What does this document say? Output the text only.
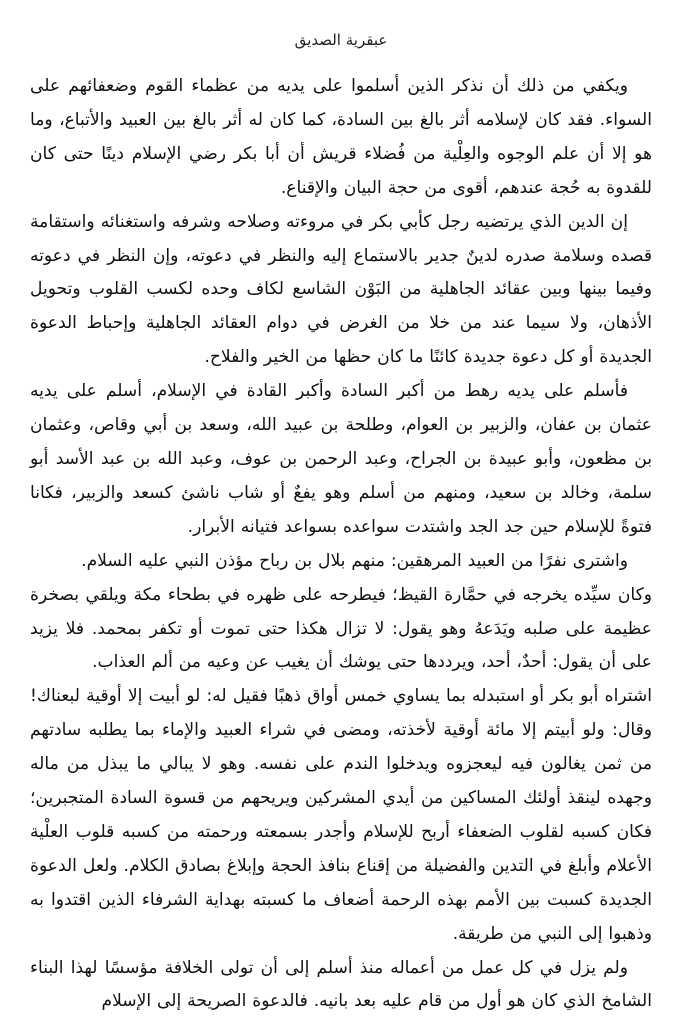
عبقرية الصديق

ويكفي من ذلك أن نذكر الذين أسلموا على يديه من عظماء القوم وضعفائهم على السواء. فقد كان لإسلامه أثر بالغ بين السادة، كما كان له أثر بالغ بين العبيد والأتباع، وما هو إلا أن علم الوجوه والعِلْية من فُضلاء قريش أن أبا بكر رضي الإسلام دينًا حتى كان للقدوة به حُجة عندهم، أقوى من حجة البيان والإقناع.

إن الدين الذي يرتضيه رجل كأبي بكر في مروءته وصلاحه وشرفه واستغنائه واستقامة قصده وسلامة صدره لدينٌ جدير بالاستماع إليه والنظر في دعوته، وإن النظر في دعوته وفيما بينها وبين عقائد الجاهلية من البَوْن الشاسع لكاف وحده لكسب القلوب وتحويل الأذهان، ولا سيما عند من خلا من الغرض في دوام العقائد الجاهلية وإحباط الدعوة الجديدة أو كل دعوة جديدة كائنًا ما كان حظها من الخير والفلاح.

فأسلم على يديه رهط من أكبر السادة وأكبر القادة في الإسلام، أسلم على يديه عثمان بن عفان، والزبير بن العوام، وطلحة بن عبيد الله، وسعد بن أبي وقاص، وعثمان بن مظعون، وأبو عبيدة بن الجراح، وعبد الرحمن بن عوف، وعبد الله بن عبد الأسد أبو سلمة، وخالد بن سعيد، ومنهم من أسلم وهو يفعٌ أو شاب ناشئ كسعد والزبير، فكانا فتوةً للإسلام حين جد الجد واشتدت سواعده بسواعد فتيانه الأبرار.

واشترى نفرًا من العبيد المرهقين: منهم بلال بن رباح مؤذن النبي عليه السلام.

وكان سيِّده يخرجه في حمَّارة القيظ؛ فيطرحه على ظهره في بطحاء مكة ويلقي بصخرة عظيمة على صلبه ويَدَعهُ وهو يقول: لا تزال هكذا حتى تموت أو تكفر بمحمد. فلا يزيد على أن يقول: أحدٌ، أحد، ويرددها حتى يوشك أن يغيب عن وعيه من ألم العذاب.

اشتراه أبو بكر أو استبدله بما يساوي خمس أواق ذهبًا فقيل له: لو أبيت إلا أوقية لبعناك! وقال: ولو أبيتم إلا مائة أوقية لأخذته، ومضى في شراء العبيد والإماء بما يطلبه سادتهم من ثمن يغالون فيه ليعجزوه ويدخلوا الندم على نفسه. وهو لا يبالي ما يبذل من ماله وجهده لينقذ أولئك المساكين من أيدي المشركين ويريحهم من قسوة السادة المتجبرين؛ فكان كسبه لقلوب الضعفاء أربح للإسلام وأجدر بسمعته ورحمته من كسبه قلوب العلْية الأعلام وأبلغ في التدين والفضيلة من إقناع بنافذ الحجة وإبلاغ بصادق الكلام. ولعل الدعوة الجديدة كسبت بين الأمم بهذه الرحمة أضعاف ما كسبته بهداية الشرفاء الذين اقتدوا به وذهبوا إلى النبي من طريقة.

ولم يزل في كل عمل من أعماله منذ أسلم إلى أن تولى الخلافة مؤسسًا لهذا البناء الشامخ الذي كان هو أول من قام عليه بعد بانيه. فالدعوة الصريحة إلى الإسلام
